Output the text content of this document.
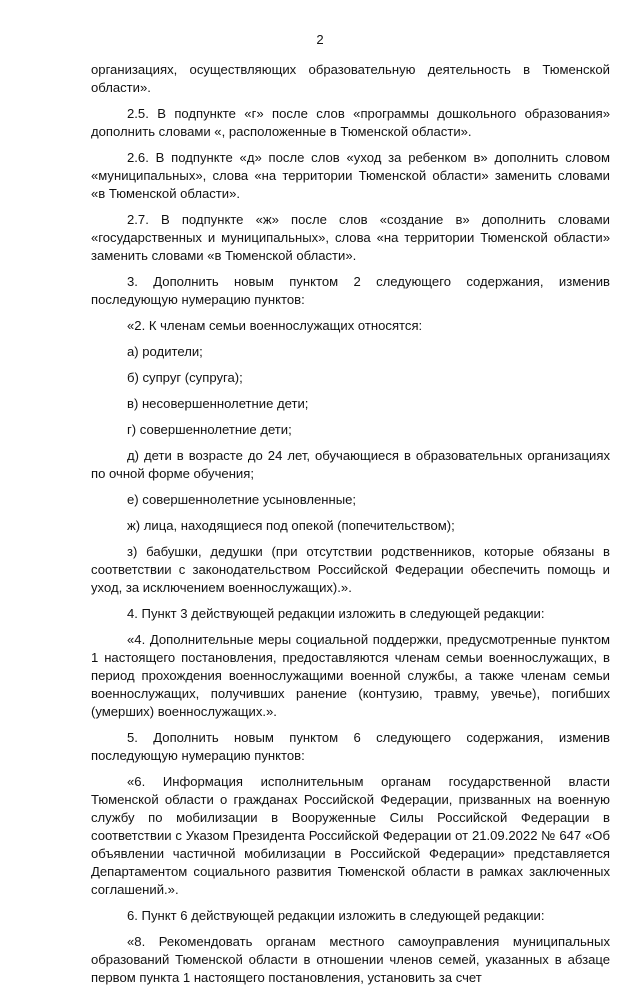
2

организациях, осуществляющих образовательную деятельность в Тюменской области».

2.5. В подпункте «г» после слов «программы дошкольного образования» дополнить словами «, расположенные в Тюменской области».

2.6. В подпункте «д» после слов «уход за ребенком в» дополнить словом «муниципальных», слова «на территории Тюменской области» заменить словами «в Тюменской области».

2.7. В подпункте «ж» после слов «создание в» дополнить словами «государственных и муниципальных», слова «на территории Тюменской области» заменить словами «в Тюменской области».

3. Дополнить новым пунктом 2 следующего содержания, изменив последующую нумерацию пунктов:

«2. К членам семьи военнослужащих относятся:

а) родители;

б) супруг (супруга);

в) несовершеннолетние дети;

г) совершеннолетние дети;

д) дети в возрасте до 24 лет, обучающиеся в образовательных организациях по очной форме обучения;

е) совершеннолетние усыновленные;

ж) лица, находящиеся под опекой (попечительством);

з) бабушки, дедушки (при отсутствии родственников, которые обязаны в соответствии с законодательством Российской Федерации обеспечить помощь и уход, за исключением военнослужащих).».

4. Пункт 3 действующей редакции изложить в следующей редакции:

«4. Дополнительные меры социальной поддержки, предусмотренные пунктом 1 настоящего постановления, предоставляются членам семьи военнослужащих, в период прохождения военнослужащими военной службы, а также членам семьи военнослужащих, получивших ранение (контузию, травму, увечье), погибших (умерших) военнослужащих.».

5. Дополнить новым пунктом 6 следующего содержания, изменив последующую нумерацию пунктов:

«6. Информация исполнительным органам государственной власти Тюменской области о гражданах Российской Федерации, призванных на военную службу по мобилизации в Вооруженные Силы Российской Федерации в соответствии с Указом Президента Российской Федерации от 21.09.2022 № 647 «Об объявлении частичной мобилизации в Российской Федерации» представляется Департаментом социального развития Тюменской области в рамках заключенных соглашений.».

6. Пункт 6 действующей редакции изложить в следующей редакции:

«8. Рекомендовать органам местного самоуправления муниципальных образований Тюменской области в отношении членов семей, указанных в абзаце первом пункта 1 настоящего постановления, установить за счет
